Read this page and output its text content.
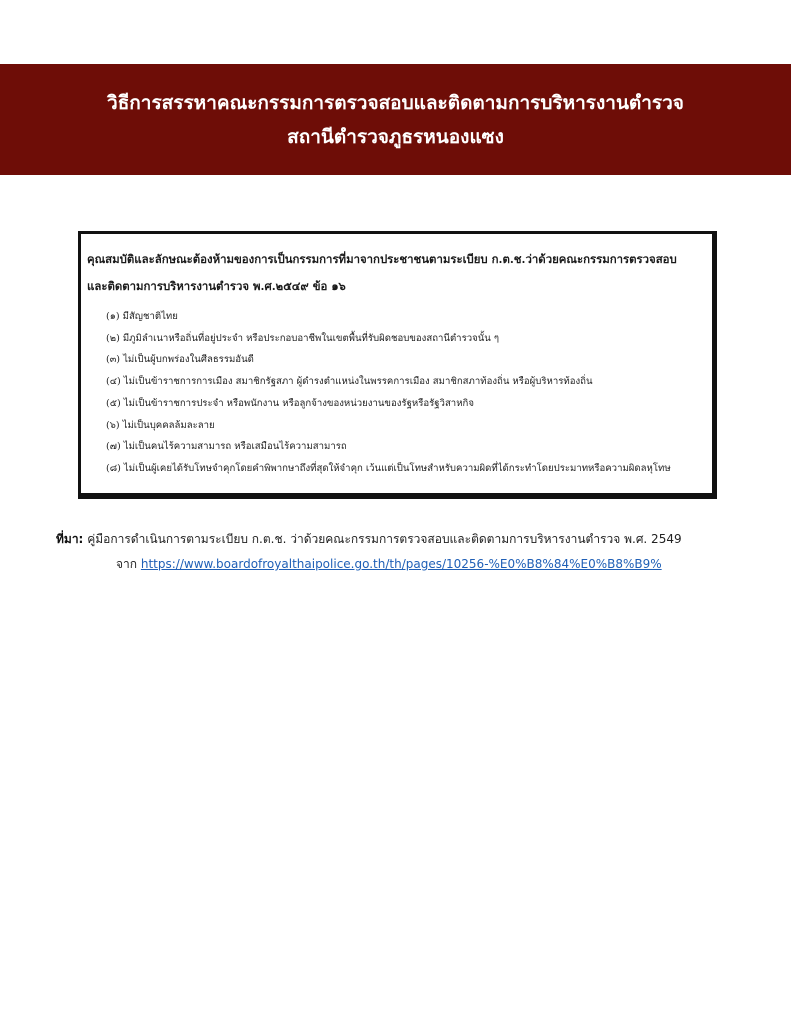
วิธีการสรรหาคณะกรรมการตรวจสอบและติดตามการบริหารงานตำรวจ
สถานีตำรวจภูธรหนองแซง
คุณสมบัติและลักษณะต้องห้ามของการเป็นกรรมการที่มาจากประชาชนตามระเบียบ ก.ต.ช.ว่าด้วยคณะกรรมการตรวจสอบ
และติดตามการบริหารงานตำรวจ พ.ศ.๒๕๔๙ ข้อ ๑๖
(๑) มีสัญชาติไทย
(๒) มีภูมิลำเนาหรือถิ่นที่อยู่ประจำ หรือประกอบอาชีพในเขตพื้นที่รับผิดชอบของสถานีตำรวจนั้น ๆ
(๓) ไม่เป็นผู้บกพร่องในศีลธรรมอันดี
(๔) ไม่เป็นข้าราชการการเมือง สมาชิกรัฐสภา ผู้ดำรงตำแหน่งในพรรคการเมือง สมาชิกสภาท้องถิ่น หรือผู้บริหารท้องถิ่น
(๕) ไม่เป็นข้าราชการประจำ หรือพนักงาน หรือลูกจ้างของหน่วยงานของรัฐหรือรัฐวิสาหกิจ
(๖) ไม่เป็นบุคคลล้มละลาย
(๗) ไม่เป็นคนไร้ความสามารถ หรือเสมือนไร้ความสามารถ
(๘) ไม่เป็นผู้เคยได้รับโทษจำคุกโดยคำพิพากษาถึงที่สุดให้จำคุก เว้นแต่เป็นโทษสำหรับความผิดที่ได้กระทำโดยประมาทหรือความผิดลหุโทษ
ที่มา: คู่มือการดำเนินการตามระเบียบ ก.ต.ช. ว่าด้วยคณะกรรมการตรวจสอบและติดตามการบริหารงานตำรวจ พ.ศ. 2549
จาก https://www.boardofroyalthaipolice.go.th/th/pages/10256-%E0%B8%84%E0%B8%B9%
